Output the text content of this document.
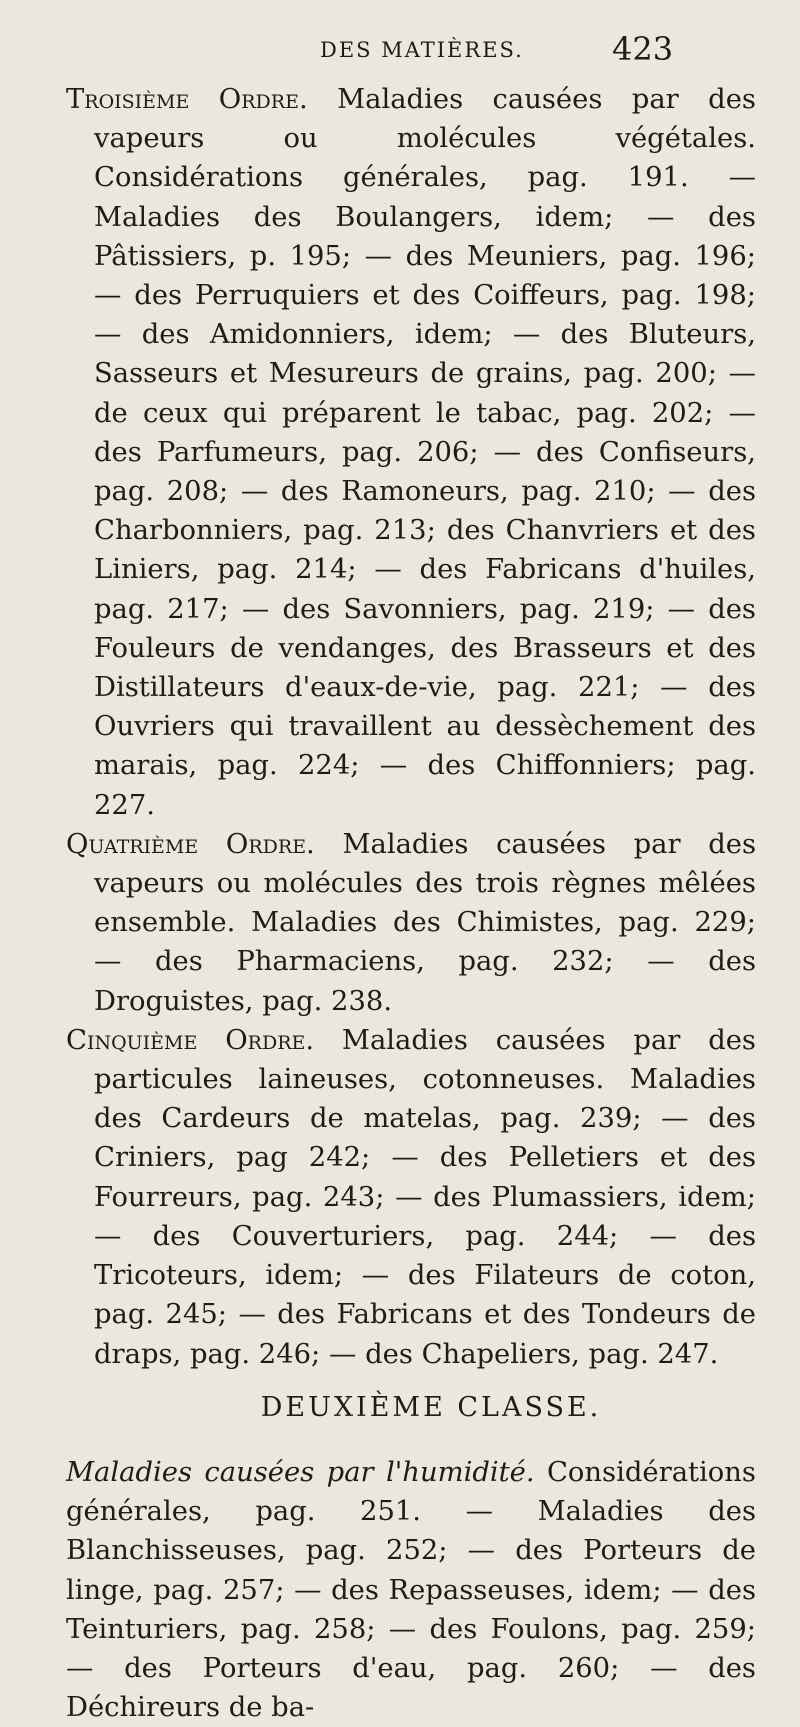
DES MATIÈRES.	423

Troisième Ordre. Maladies causées par des vapeurs ou molécules végétales. Considérations générales, pag. 191. — Maladies des Boulangers, idem; — des Pâtissiers, p. 195; — des Meuniers, pag. 196; — des Perruquiers et des Coiffeurs, pag. 198; — des Amidonniers, idem; — des Bluteurs, Sasseurs et Mesureurs de grains, pag. 200; — de ceux qui préparent le tabac, pag. 202; — des Parfumeurs, pag. 206; — des Confiseurs, pag. 208; — des Ramoneurs, pag. 210; — des Charbonniers, pag. 213; des Chanvriers et des Liniers, pag. 214; — des Fabricans d'huiles, pag. 217; — des Savonniers, pag. 219; — des Fouleurs de vendanges, des Brasseurs et des Distillateurs d'eaux-de-vie, pag. 221; — des Ouvriers qui travaillent au dessèchement des marais, pag. 224; — des Chiffonniers; pag. 227.

Quatrième Ordre. Maladies causées par des vapeurs ou molécules des trois règnes mêlées ensemble. Maladies des Chimistes, pag. 229; — des Pharmaciens, pag. 232; — des Droguistes, pag. 238.

Cinquième Ordre. Maladies causées par des particules laineuses, cotonneuses. Maladies des Cardeurs de matelas, pag. 239; — des Criniers, pag 242; — des Pelletiers et des Fourreurs, pag. 243; — des Plumassiers, idem; — des Couverturiers, pag. 244; — des Tricoteurs, idem; — des Filateurs de coton, pag. 245; — des Fabricans et des Tondeurs de draps, pag. 246; — des Chapeliers, pag. 247.

DEUXIÈME CLASSE.

Maladies causées par l'humidité. Considérations générales, pag. 251. — Maladies des Blanchisseuses, pag. 252; — des Porteurs de linge, pag. 257; — des Repasseuses, idem; — des Teinturiers, pag. 258; — des Foulons, pag. 259; — des Porteurs d'eau, pag. 260; — des Déchireurs de ba-
